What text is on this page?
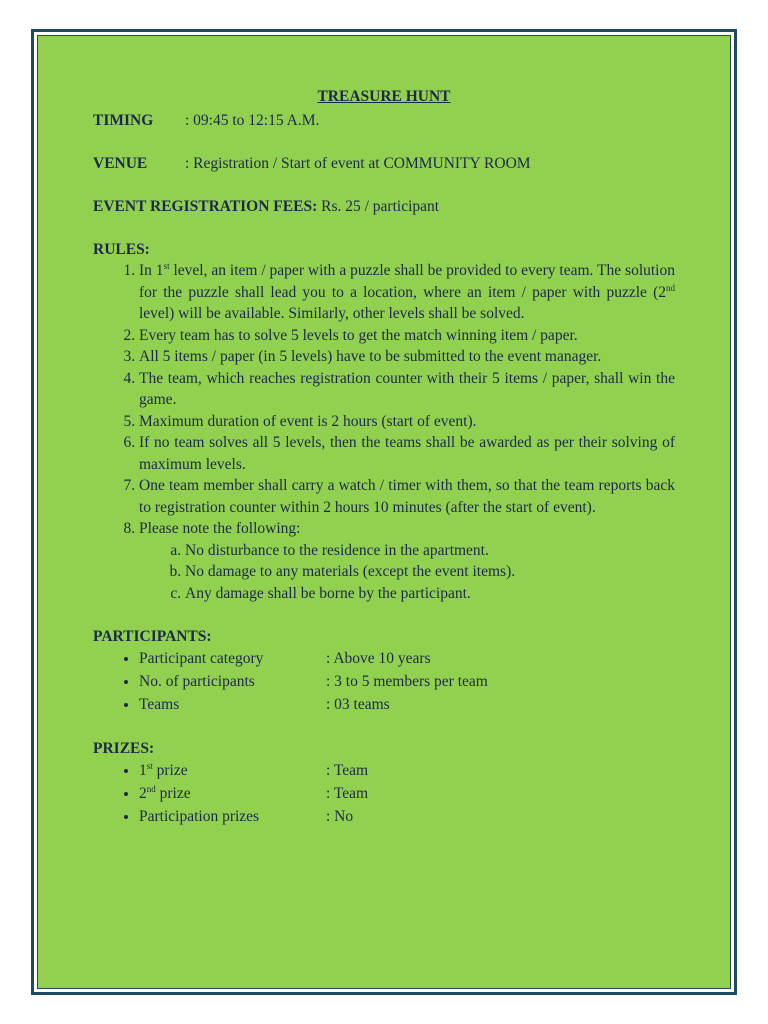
TREASURE HUNT

TIMING : 09:45 to 12:15 A.M.

VENUE : Registration / Start of event at COMMUNITY ROOM

EVENT REGISTRATION FEES: Rs. 25 / participant

RULES:

1. In 1st level, an item / paper with a puzzle shall be provided to every team. The solution for the puzzle shall lead you to a location, where an item / paper with puzzle (2nd level) will be available. Similarly, other levels shall be solved.
2. Every team has to solve 5 levels to get the match winning item / paper.
3. All 5 items / paper (in 5 levels) have to be submitted to the event manager.
4. The team, which reaches registration counter with their 5 items / paper, shall win the game.
5. Maximum duration of event is 2 hours (start of event).
6. If no team solves all 5 levels, then the teams shall be awarded as per their solving of maximum levels.
7. One team member shall carry a watch / timer with them, so that the team reports back to registration counter within 2 hours 10 minutes (after the start of event).
8. Please note the following:
a. No disturbance to the residence in the apartment.
b. No damage to any materials (except the event items).
c. Any damage shall be borne by the participant.

PARTICIPANTS:

• Participant category	: Above 10 years
• No. of participants	: 3 to 5 members per team
• Teams	: 03 teams

PRIZES:

• 1st prize	: Team
• 2nd prize	: Team
• Participation prizes	: No
